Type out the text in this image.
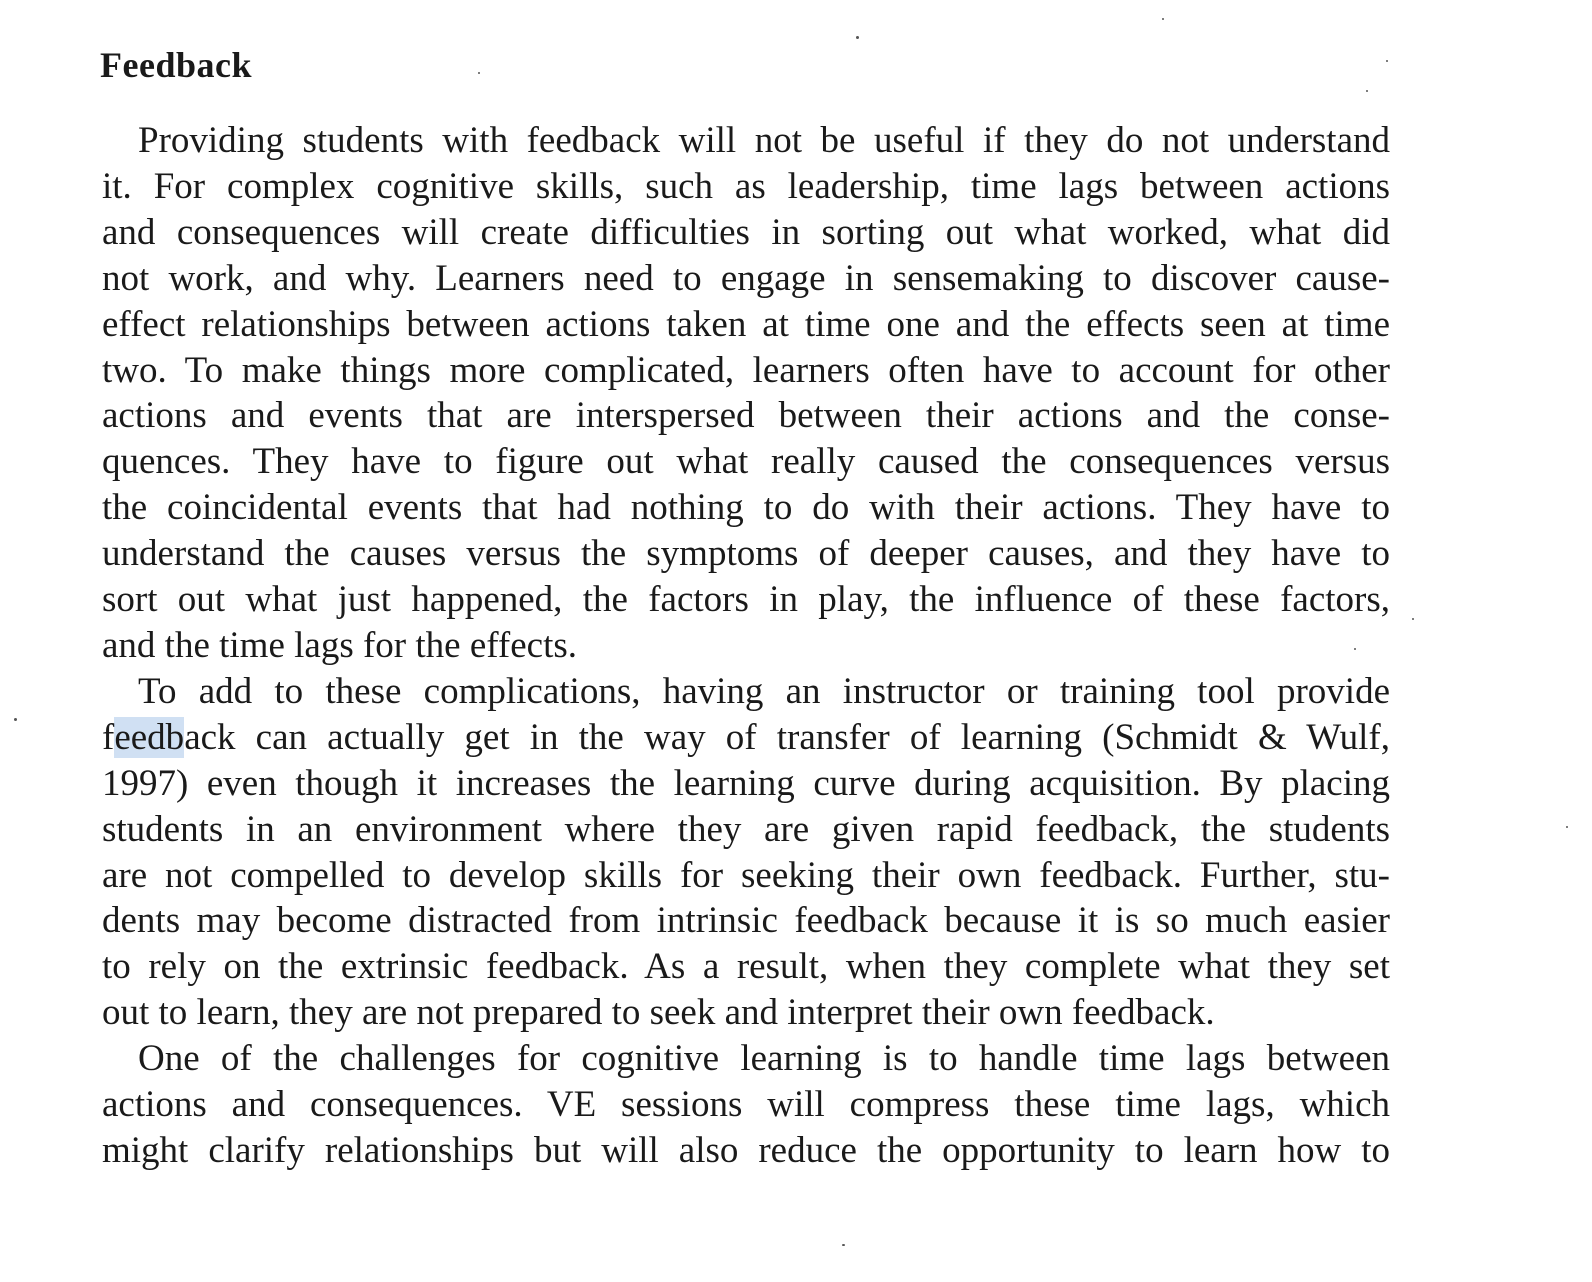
Feedback

Providing students with feedback will not be useful if they do not understand
it. For complex cognitive skills, such as leadership, time lags between actions
and consequences will create difficulties in sorting out what worked, what did
not work, and why. Learners need to engage in sensemaking to discover cause-
effect relationships between actions taken at time one and the effects seen at time
two. To make things more complicated, learners often have to account for other
actions and events that are interspersed between their actions and the conse-
quences. They have to figure out what really caused the consequences versus
the coincidental events that had nothing to do with their actions. They have to
understand the causes versus the symptoms of deeper causes, and they have to
sort out what just happened, the factors in play, the influence of these factors,
and the time lags for the effects.

To add to these complications, having an instructor or training tool provide
feedback can actually get in the way of transfer of learning (Schmidt & Wulf,
1997) even though it increases the learning curve during acquisition. By placing
students in an environment where they are given rapid feedback, the students
are not compelled to develop skills for seeking their own feedback. Further, stu-
dents may become distracted from intrinsic feedback because it is so much easier
to rely on the extrinsic feedback. As a result, when they complete what they set
out to learn, they are not prepared to seek and interpret their own feedback.

One of the challenges for cognitive learning is to handle time lags between
actions and consequences. VE sessions will compress these time lags, which
might clarify relationships but will also reduce the opportunity to learn how to
